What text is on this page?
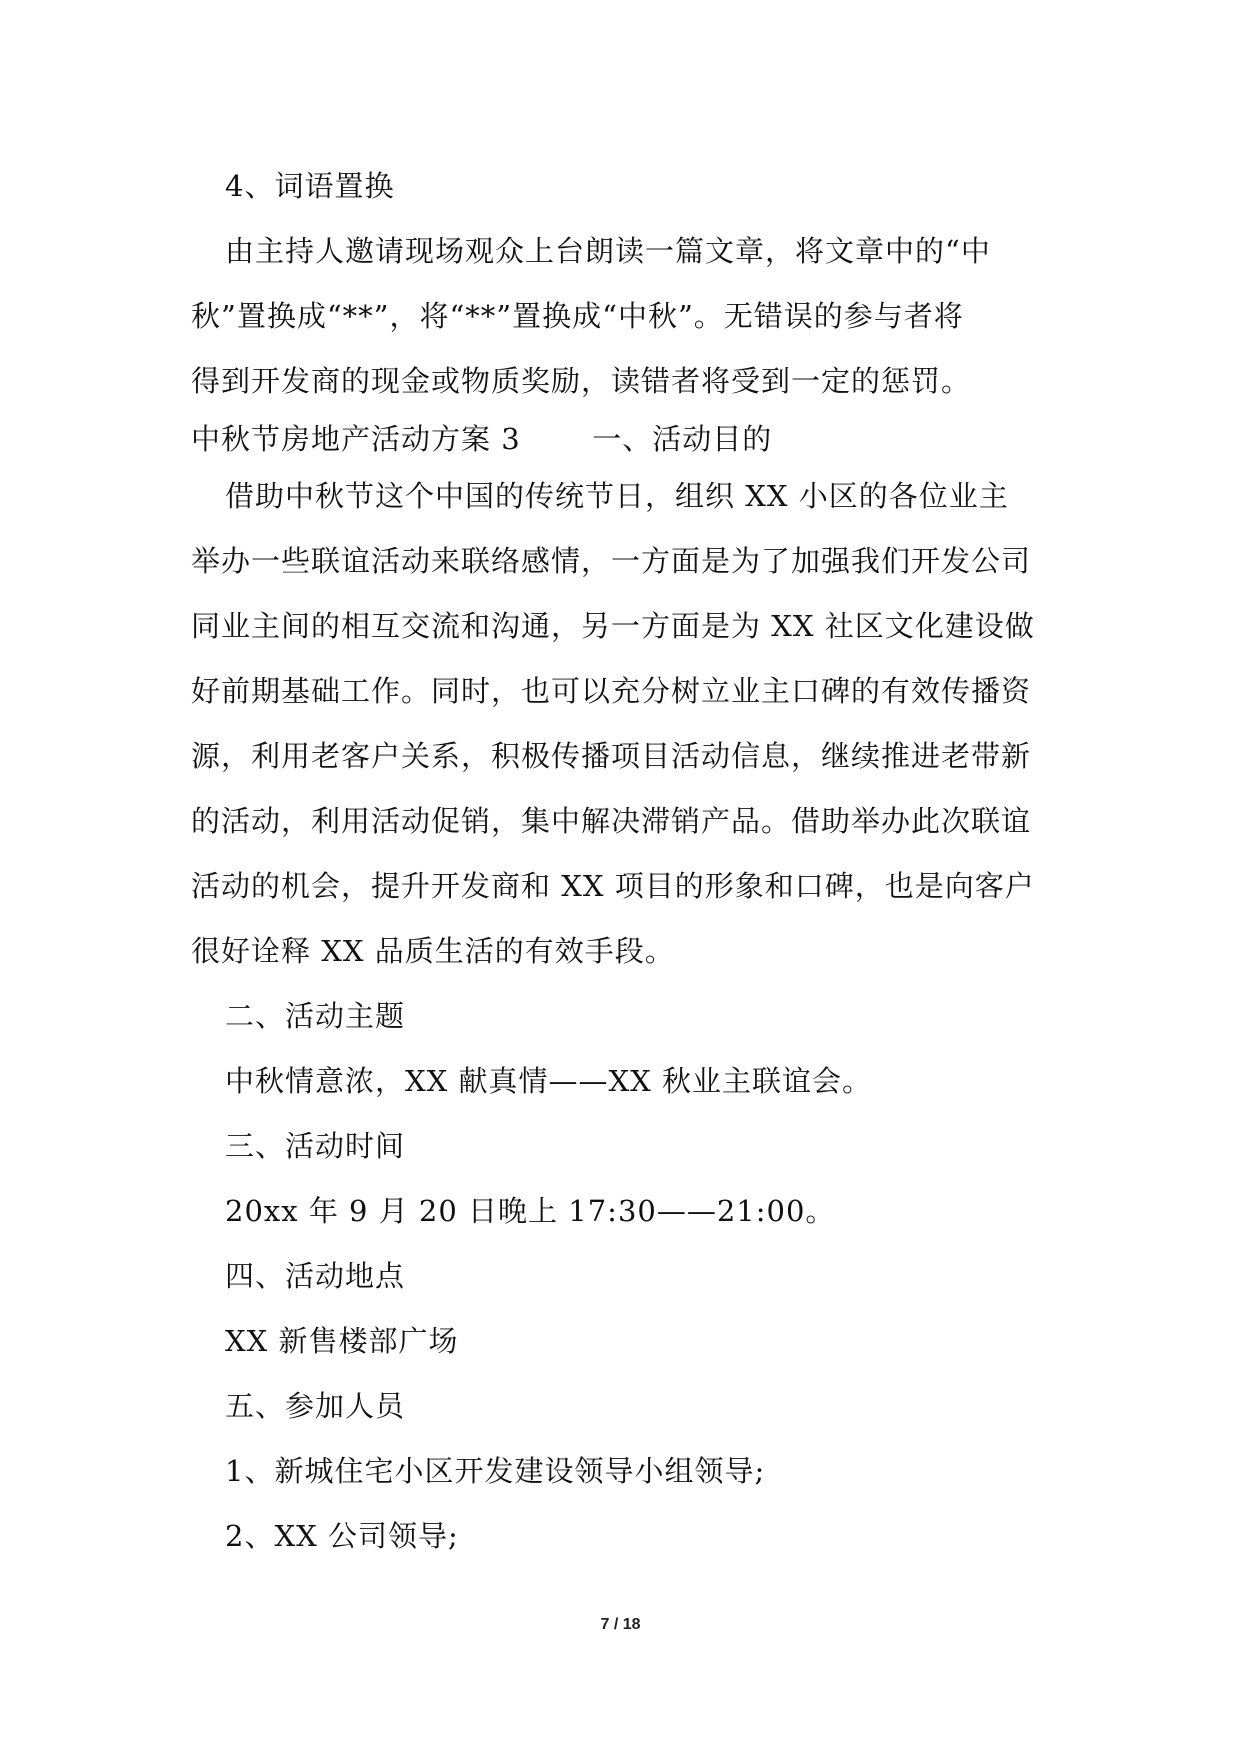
4、词语置换

由主持人邀请现场观众上台朗读一篇文章，将文章中的“中

秋”置换成“**”，将“**”置换成“中秋”。无错误的参与者将

得到开发商的现金或物质奖励，读错者将受到一定的惩罚。

中秋节房地产活动方案 3       一、活动目的

借助中秋节这个中国的传统节日，组织 XX 小区的各位业主

举办一些联谊活动来联络感情，一方面是为了加强我们开发公司

同业主间的相互交流和沟通，另一方面是为 XX 社区文化建设做

好前期基础工作。同时，也可以充分树立业主口碑的有效传播资

源，利用老客户关系，积极传播项目活动信息，继续推进老带新

的活动，利用活动促销，集中解决滞销产品。借助举办此次联谊

活动的机会，提升开发商和 XX 项目的形象和口碑，也是向客户

很好诠释 XX 品质生活的有效手段。

二、活动主题

中秋情意浓，XX 献真情——XX 秋业主联谊会。

三、活动时间

20xx 年 9 月 20 日晚上 17:30——21:00。

四、活动地点

XX 新售楼部广场

五、参加人员

1、新城住宅小区开发建设领导小组领导;

2、XX 公司领导;

7 / 18
